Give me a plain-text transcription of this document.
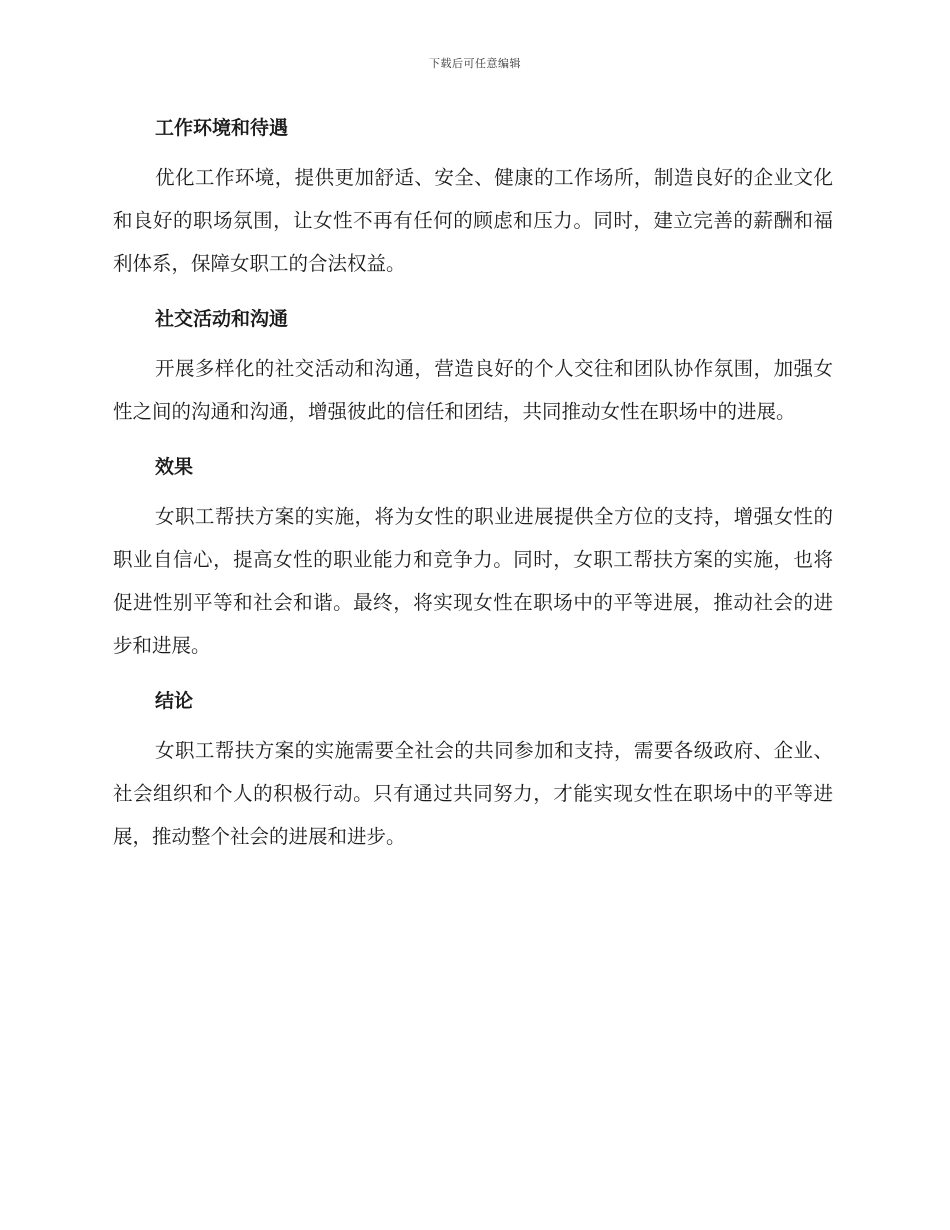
下载后可任意编辑
工作环境和待遇

优化工作环境，提供更加舒适、安全、健康的工作场所，制造良好的企业文化和良好的职场氛围，让女性不再有任何的顾虑和压力。同时，建立完善的薪酬和福利体系，保障女职工的合法权益。

社交活动和沟通

开展多样化的社交活动和沟通，营造良好的个人交往和团队协作氛围，加强女性之间的沟通和沟通，增强彼此的信任和团结，共同推动女性在职场中的进展。

效果

女职工帮扶方案的实施，将为女性的职业进展提供全方位的支持，增强女性的职业自信心，提高女性的职业能力和竞争力。同时，女职工帮扶方案的实施，也将促进性别平等和社会和谐。最终，将实现女性在职场中的平等进展，推动社会的进步和进展。

结论

女职工帮扶方案的实施需要全社会的共同参加和支持，需要各级政府、企业、社会组织和个人的积极行动。只有通过共同努力，才能实现女性在职场中的平等进展，推动整个社会的进展和进步。
